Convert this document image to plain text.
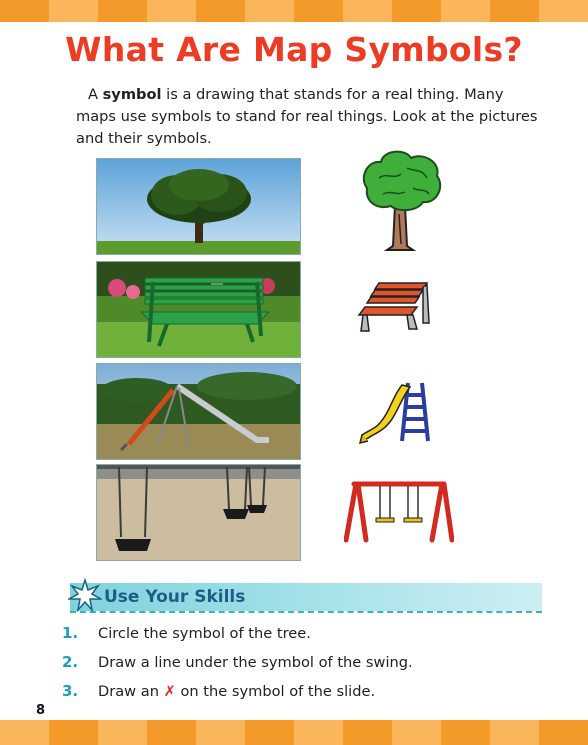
What Are Map Symbols?
A symbol is a drawing that stands for a real thing. Many maps use symbols to stand for real things. Look at the pictures and their symbols.
Use Your Skills
1. Circle the symbol of the tree.
2. Draw a line under the symbol of the swing.
3. Draw an ✗ on the symbol of the slide.
8
